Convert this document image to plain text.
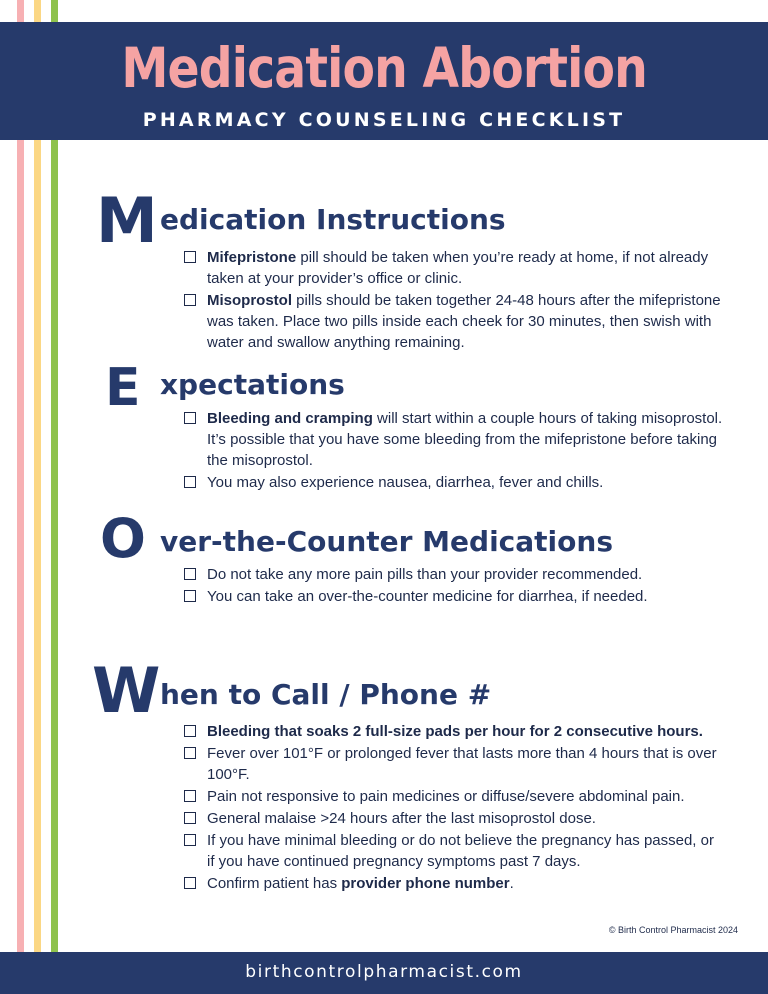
Medication Abortion
PHARMACY COUNSELING CHECKLIST
M edication Instructions
Mifepristone pill should be taken when you’re ready at home, if not already taken at your provider’s office or clinic.
Misoprostol pills should be taken together 24-48 hours after the mifepristone was taken. Place two pills inside each cheek for 30 minutes, then swish with water and swallow anything remaining.
E xpectations
Bleeding and cramping will start within a couple hours of taking misoprostol. It’s possible that you have some bleeding from the mifepristone before taking the misoprostol.
You may also experience nausea, diarrhea, fever and chills.
O ver-the-Counter Medications
Do not take any more pain pills than your provider recommended.
You can take an over-the-counter medicine for diarrhea, if needed.
W hen to Call / Phone #
Bleeding that soaks 2 full-size pads per hour for 2 consecutive hours.
Fever over 101°F or prolonged fever that lasts more than 4 hours that is over 100°F.
Pain not responsive to pain medicines or diffuse/severe abdominal pain.
General malaise >24 hours after the last misoprostol dose.
If you have minimal bleeding or do not believe the pregnancy has passed, or if you have continued pregnancy symptoms past 7 days.
Confirm patient has provider phone number.
© Birth Control Pharmacist 2024
birthcontrolpharmacist.com
